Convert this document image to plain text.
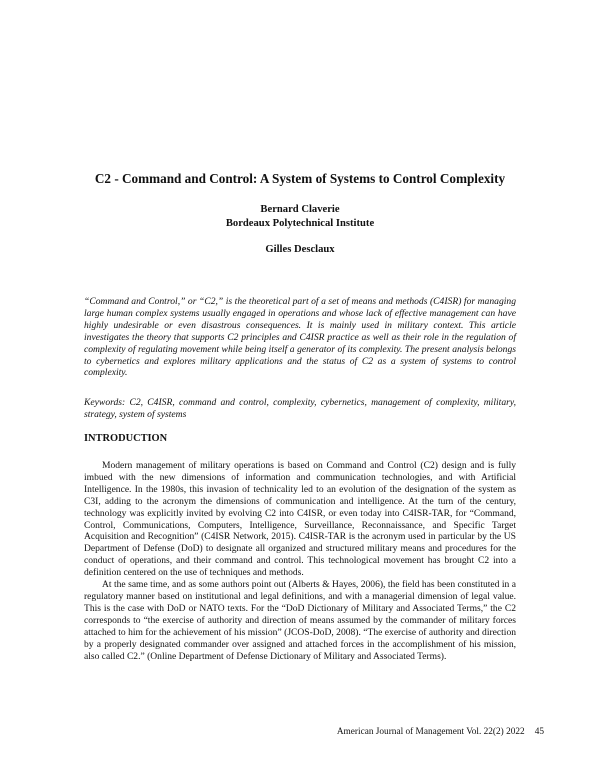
C2 - Command and Control: A System of Systems to Control Complexity
Bernard Claverie
Bordeaux Polytechnical Institute
Gilles Desclaux

“Command and Control,” or “C2,” is the theoretical part of a set of means and methods (C4ISR) for managing large human complex systems usually engaged in operations and whose lack of effective management can have highly undesirable or even disastrous consequences. It is mainly used in military context. This article investigates the theory that supports C2 principles and C4ISR practice as well as their role in the regulation of complexity of regulating movement while being itself a generator of its complexity. The present analysis belongs to cybernetics and explores military applications and the status of C2 as a system of systems to control complexity.

Keywords: C2, C4ISR, command and control, complexity, cybernetics, management of complexity, military, strategy, system of systems

INTRODUCTION

Modern management of military operations is based on Command and Control (C2) design and is fully imbued with the new dimensions of information and communication technologies, and with Artificial Intelligence. In the 1980s, this invasion of technicality led to an evolution of the designation of the system as C3I, adding to the acronym the dimensions of communication and intelligence. At the turn of the century, technology was explicitly invited by evolving C2 into C4ISR, or even today into C4ISR-TAR, for “Command, Control, Communications, Computers, Intelligence, Surveillance, Reconnaissance, and Specific Target Acquisition and Recognition” (C4ISR Network, 2015). C4ISR-TAR is the acronym used in particular by the US Department of Defense (DoD) to designate all organized and structured military means and procedures for the conduct of operations, and their command and control. This technological movement has brought C2 into a definition centered on the use of techniques and methods.

At the same time, and as some authors point out (Alberts & Hayes, 2006), the field has been constituted in a regulatory manner based on institutional and legal definitions, and with a managerial dimension of legal value. This is the case with DoD or NATO texts. For the “DoD Dictionary of Military and Associated Terms,” the C2 corresponds to “the exercise of authority and direction of means assumed by the commander of military forces attached to him for the achievement of his mission” (JCOS-DoD, 2008). “The exercise of authority and direction by a properly designated commander over assigned and attached forces in the accomplishment of his mission, also called C2.” (Online Department of Defense Dictionary of Military and Associated Terms).

American Journal of Management Vol. 22(2) 2022 45
